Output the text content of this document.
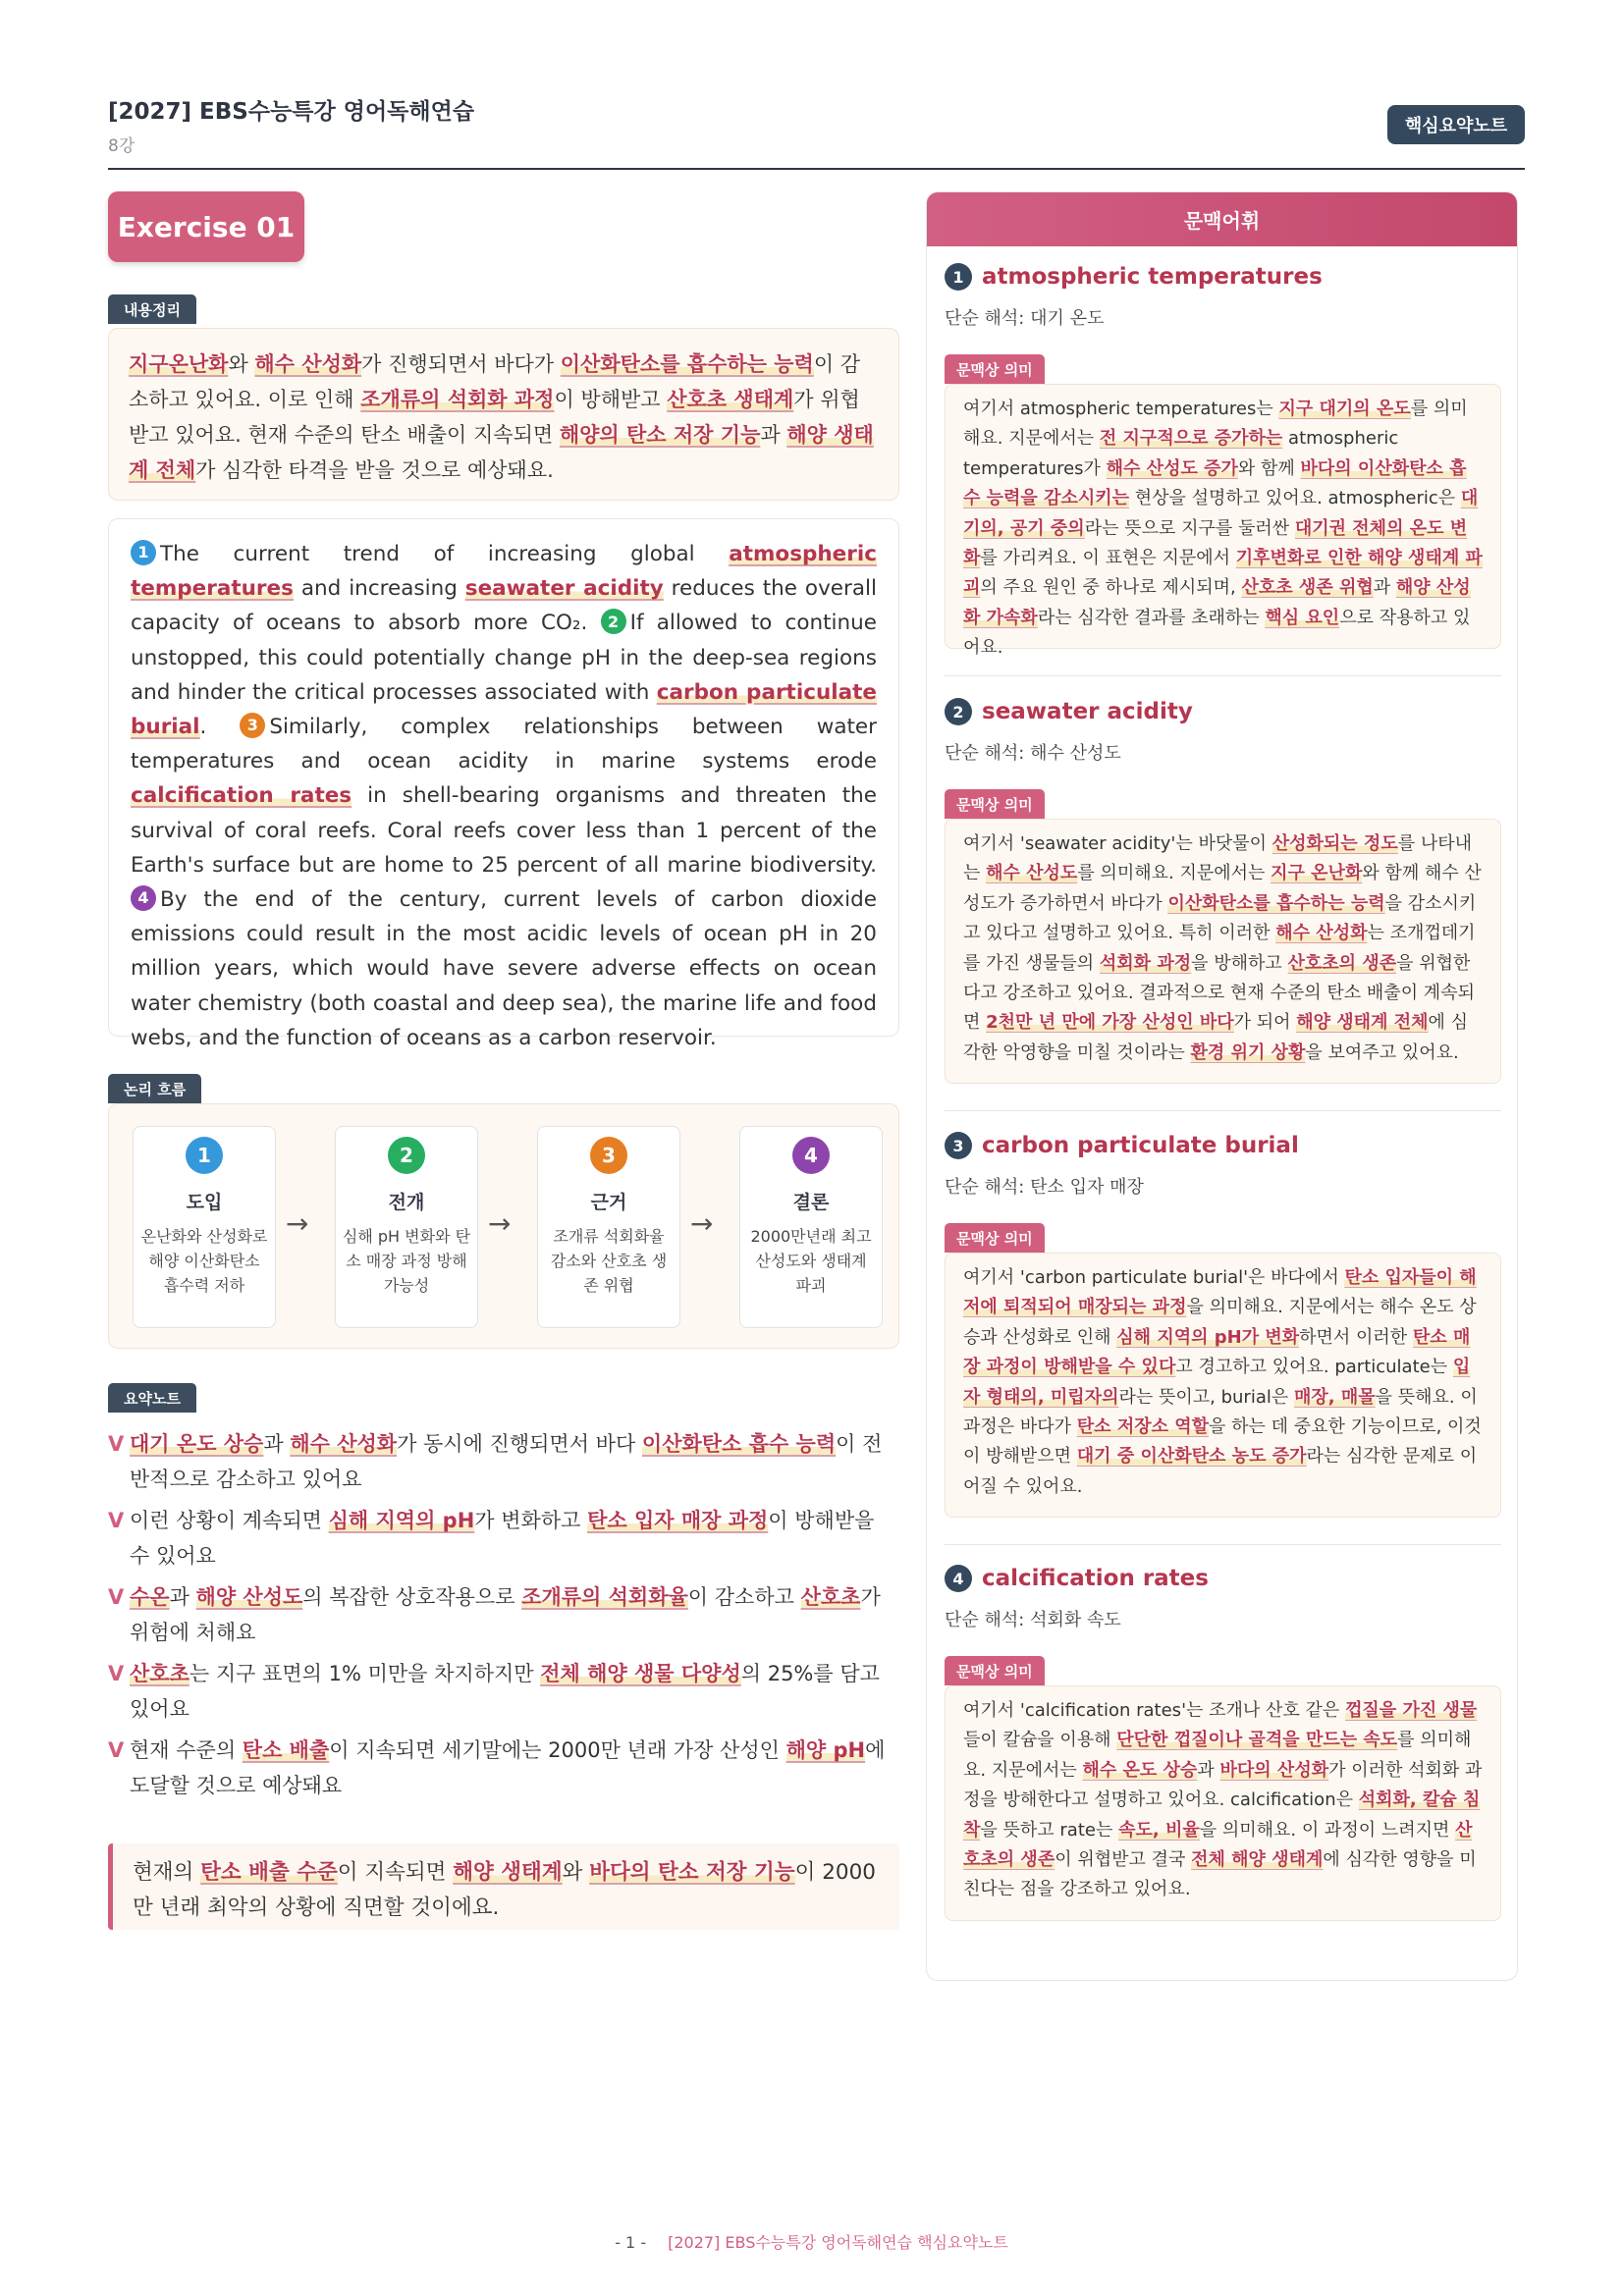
[2027] EBS수능특강 영어독해연습
8강
핵심요약노트
Exercise 01
내용정리
지구온난화와 해수 산성화가 진행되면서 바다가 이산화탄소를 흡수하는 능력이 감소하고 있어요. 이로 인해 조개류의 석회화 과정이 방해받고 산호초 생태계가 위협받고 있어요. 현재 수준의 탄소 배출이 지속되면 해양의 탄소 저장 기능과 해양 생태계 전체가 심각한 타격을 받을 것으로 예상돼요.
1 The current trend of increasing global atmospheric temperatures and increasing seawater acidity reduces the overall capacity of oceans to absorb more CO₂. 2 If allowed to continue unstopped, this could potentially change pH in the deep-sea regions and hinder the critical processes associated with carbon particulate burial. 3 Similarly, complex relationships between water temperatures and ocean acidity in marine systems erode calcification rates in shell-bearing organisms and threaten the survival of coral reefs. Coral reefs cover less than 1 percent of the Earth's surface but are home to 25 percent of all marine biodiversity. 4 By the end of the century, current levels of carbon dioxide emissions could result in the most acidic levels of ocean pH in 20 million years, which would have severe adverse effects on ocean water chemistry (both coastal and deep sea), the marine life and food webs, and the function of oceans as a carbon reservoir.
논리 흐름
1
도입
온난화와 산성화로 해양 이산화탄소 흡수력 저하
→
2
전개
심해 pH 변화와 탄소 매장 과정 방해 가능성
→
3
근거
조개류 석회화율 감소와 산호초 생존 위협
→
4
결론
2000만년래 최고 산성도와 생태계 파괴
요약노트
V 대기 온도 상승과 해수 산성화가 동시에 진행되면서 바다 이산화탄소 흡수 능력이 전반적으로 감소하고 있어요
V 이런 상황이 계속되면 심해 지역의 pH가 변화하고 탄소 입자 매장 과정이 방해받을 수 있어요
V 수온과 해양 산성도의 복잡한 상호작용으로 조개류의 석회화율이 감소하고 산호초가 위험에 처해요
V 산호초는 지구 표면의 1% 미만을 차지하지만 전체 해양 생물 다양성의 25%를 담고 있어요
V 현재 수준의 탄소 배출이 지속되면 세기말에는 2000만 년래 가장 산성인 해양 pH에 도달할 것으로 예상돼요
현재의 탄소 배출 수준이 지속되면 해양 생태계와 바다의 탄소 저장 기능이 2000만 년래 최악의 상황에 직면할 것이에요.
문맥어휘
1 atmospheric temperatures
단순 해석: 대기 온도
문맥상 의미
여기서 atmospheric temperatures는 지구 대기의 온도를 의미해요. 지문에서는 전 지구적으로 증가하는 atmospheric temperatures가 해수 산성도 증가와 함께 바다의 이산화탄소 흡수 능력을 감소시키는 현상을 설명하고 있어요. atmospheric은 대기의, 공기 중의라는 뜻으로 지구를 둘러싼 대기권 전체의 온도 변화를 가리켜요. 이 표현은 지문에서 기후변화로 인한 해양 생태계 파괴의 주요 원인 중 하나로 제시되며, 산호초 생존 위협과 해양 산성화 가속화라는 심각한 결과를 초래하는 핵심 요인으로 작용하고 있어요.
2 seawater acidity
단순 해석: 해수 산성도
문맥상 의미
여기서 'seawater acidity'는 바닷물이 산성화되는 정도를 나타내는 해수 산성도를 의미해요. 지문에서는 지구 온난화와 함께 해수 산성도가 증가하면서 바다가 이산화탄소를 흡수하는 능력을 감소시키고 있다고 설명하고 있어요. 특히 이러한 해수 산성화는 조개껍데기를 가진 생물들의 석회화 과정을 방해하고 산호초의 생존을 위협한다고 강조하고 있어요. 결과적으로 현재 수준의 탄소 배출이 계속되면 2천만 년 만에 가장 산성인 바다가 되어 해양 생태계 전체에 심각한 악영향을 미칠 것이라는 환경 위기 상황을 보여주고 있어요.
3 carbon particulate burial
단순 해석: 탄소 입자 매장
문맥상 의미
여기서 'carbon particulate burial'은 바다에서 탄소 입자들이 해저에 퇴적되어 매장되는 과정을 의미해요. 지문에서는 해수 온도 상승과 산성화로 인해 심해 지역의 pH가 변화하면서 이러한 탄소 매장 과정이 방해받을 수 있다고 경고하고 있어요. particulate는 입자 형태의, 미립자의라는 뜻이고, burial은 매장, 매몰을 뜻해요. 이 과정은 바다가 탄소 저장소 역할을 하는 데 중요한 기능이므로, 이것이 방해받으면 대기 중 이산화탄소 농도 증가라는 심각한 문제로 이어질 수 있어요.
4 calcification rates
단순 해석: 석회화 속도
문맥상 의미
여기서 'calcification rates'는 조개나 산호 같은 껍질을 가진 생물들이 칼슘을 이용해 단단한 껍질이나 골격을 만드는 속도를 의미해요. 지문에서는 해수 온도 상승과 바다의 산성화가 이러한 석회화 과정을 방해한다고 설명하고 있어요. calcification은 석회화, 칼슘 침착을 뜻하고 rate는 속도, 비율을 의미해요. 이 과정이 느려지면 산호초의 생존이 위협받고 결국 전체 해양 생태계에 심각한 영향을 미친다는 점을 강조하고 있어요.
- 1 - [2027] EBS수능특강 영어독해연습 핵심요약노트
